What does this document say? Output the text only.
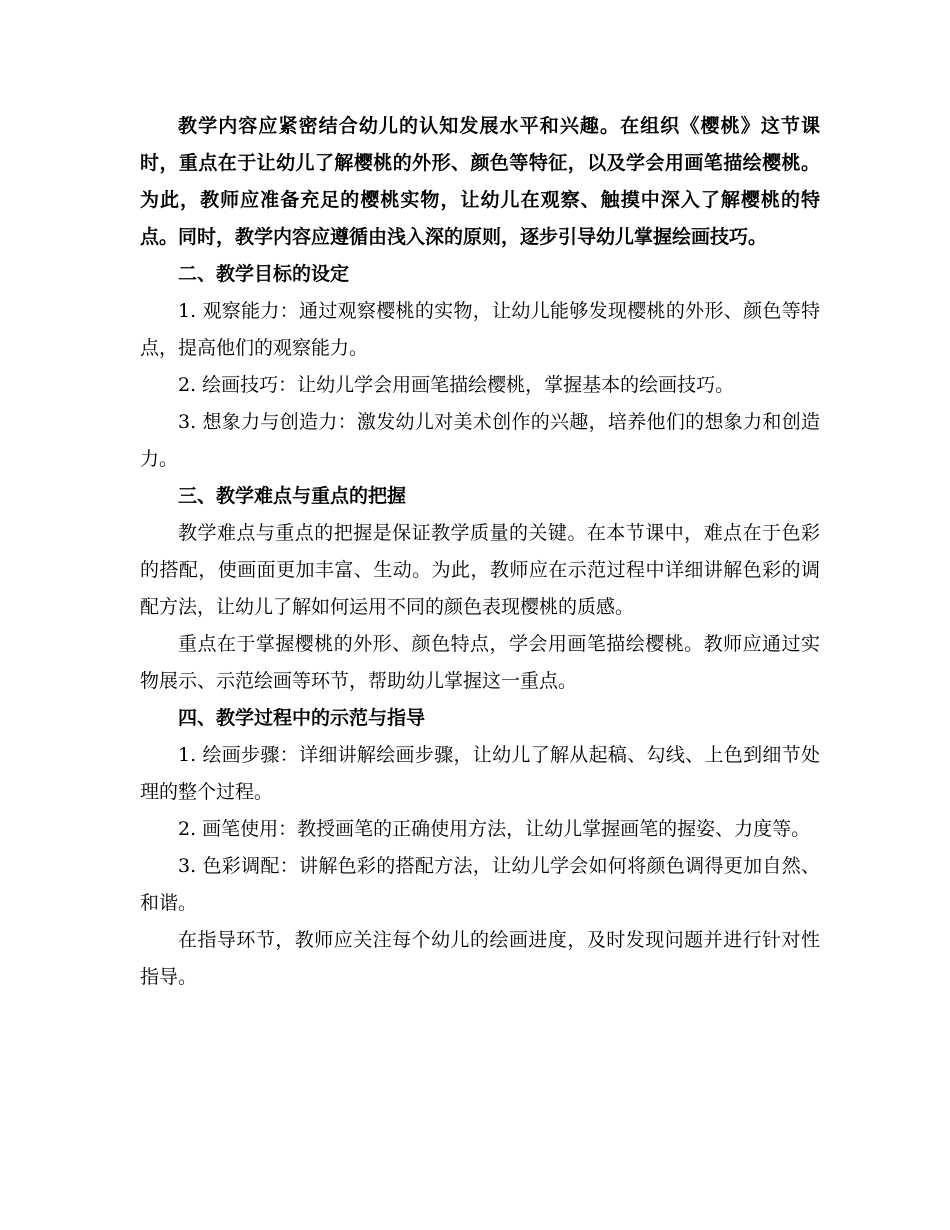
教学内容应紧密结合幼儿的认知发展水平和兴趣。在组织《樱桃》这节课时，重点在于让幼儿了解樱桃的外形、颜色等特征，以及学会用画笔描绘樱桃。为此，教师应准备充足的樱桃实物，让幼儿在观察、触摸中深入了解樱桃的特点。同时，教学内容应遵循由浅入深的原则，逐步引导幼儿掌握绘画技巧。

二、教学目标的设定

1. 观察能力：通过观察樱桃的实物，让幼儿能够发现樱桃的外形、颜色等特点，提高他们的观察能力。

2. 绘画技巧：让幼儿学会用画笔描绘樱桃，掌握基本的绘画技巧。

3. 想象力与创造力：激发幼儿对美术创作的兴趣，培养他们的想象力和创造力。

三、教学难点与重点的把握

教学难点与重点的把握是保证教学质量的关键。在本节课中，难点在于色彩的搭配，使画面更加丰富、生动。为此，教师应在示范过程中详细讲解色彩的调配方法，让幼儿了解如何运用不同的颜色表现樱桃的质感。

重点在于掌握樱桃的外形、颜色特点，学会用画笔描绘樱桃。教师应通过实物展示、示范绘画等环节，帮助幼儿掌握这一重点。

四、教学过程中的示范与指导

1. 绘画步骤：详细讲解绘画步骤，让幼儿了解从起稿、勾线、上色到细节处理的整个过程。

2. 画笔使用：教授画笔的正确使用方法，让幼儿掌握画笔的握姿、力度等。

3. 色彩调配：讲解色彩的搭配方法，让幼儿学会如何将颜色调得更加自然、和谐。

在指导环节，教师应关注每个幼儿的绘画进度，及时发现问题并进行针对性指导。
